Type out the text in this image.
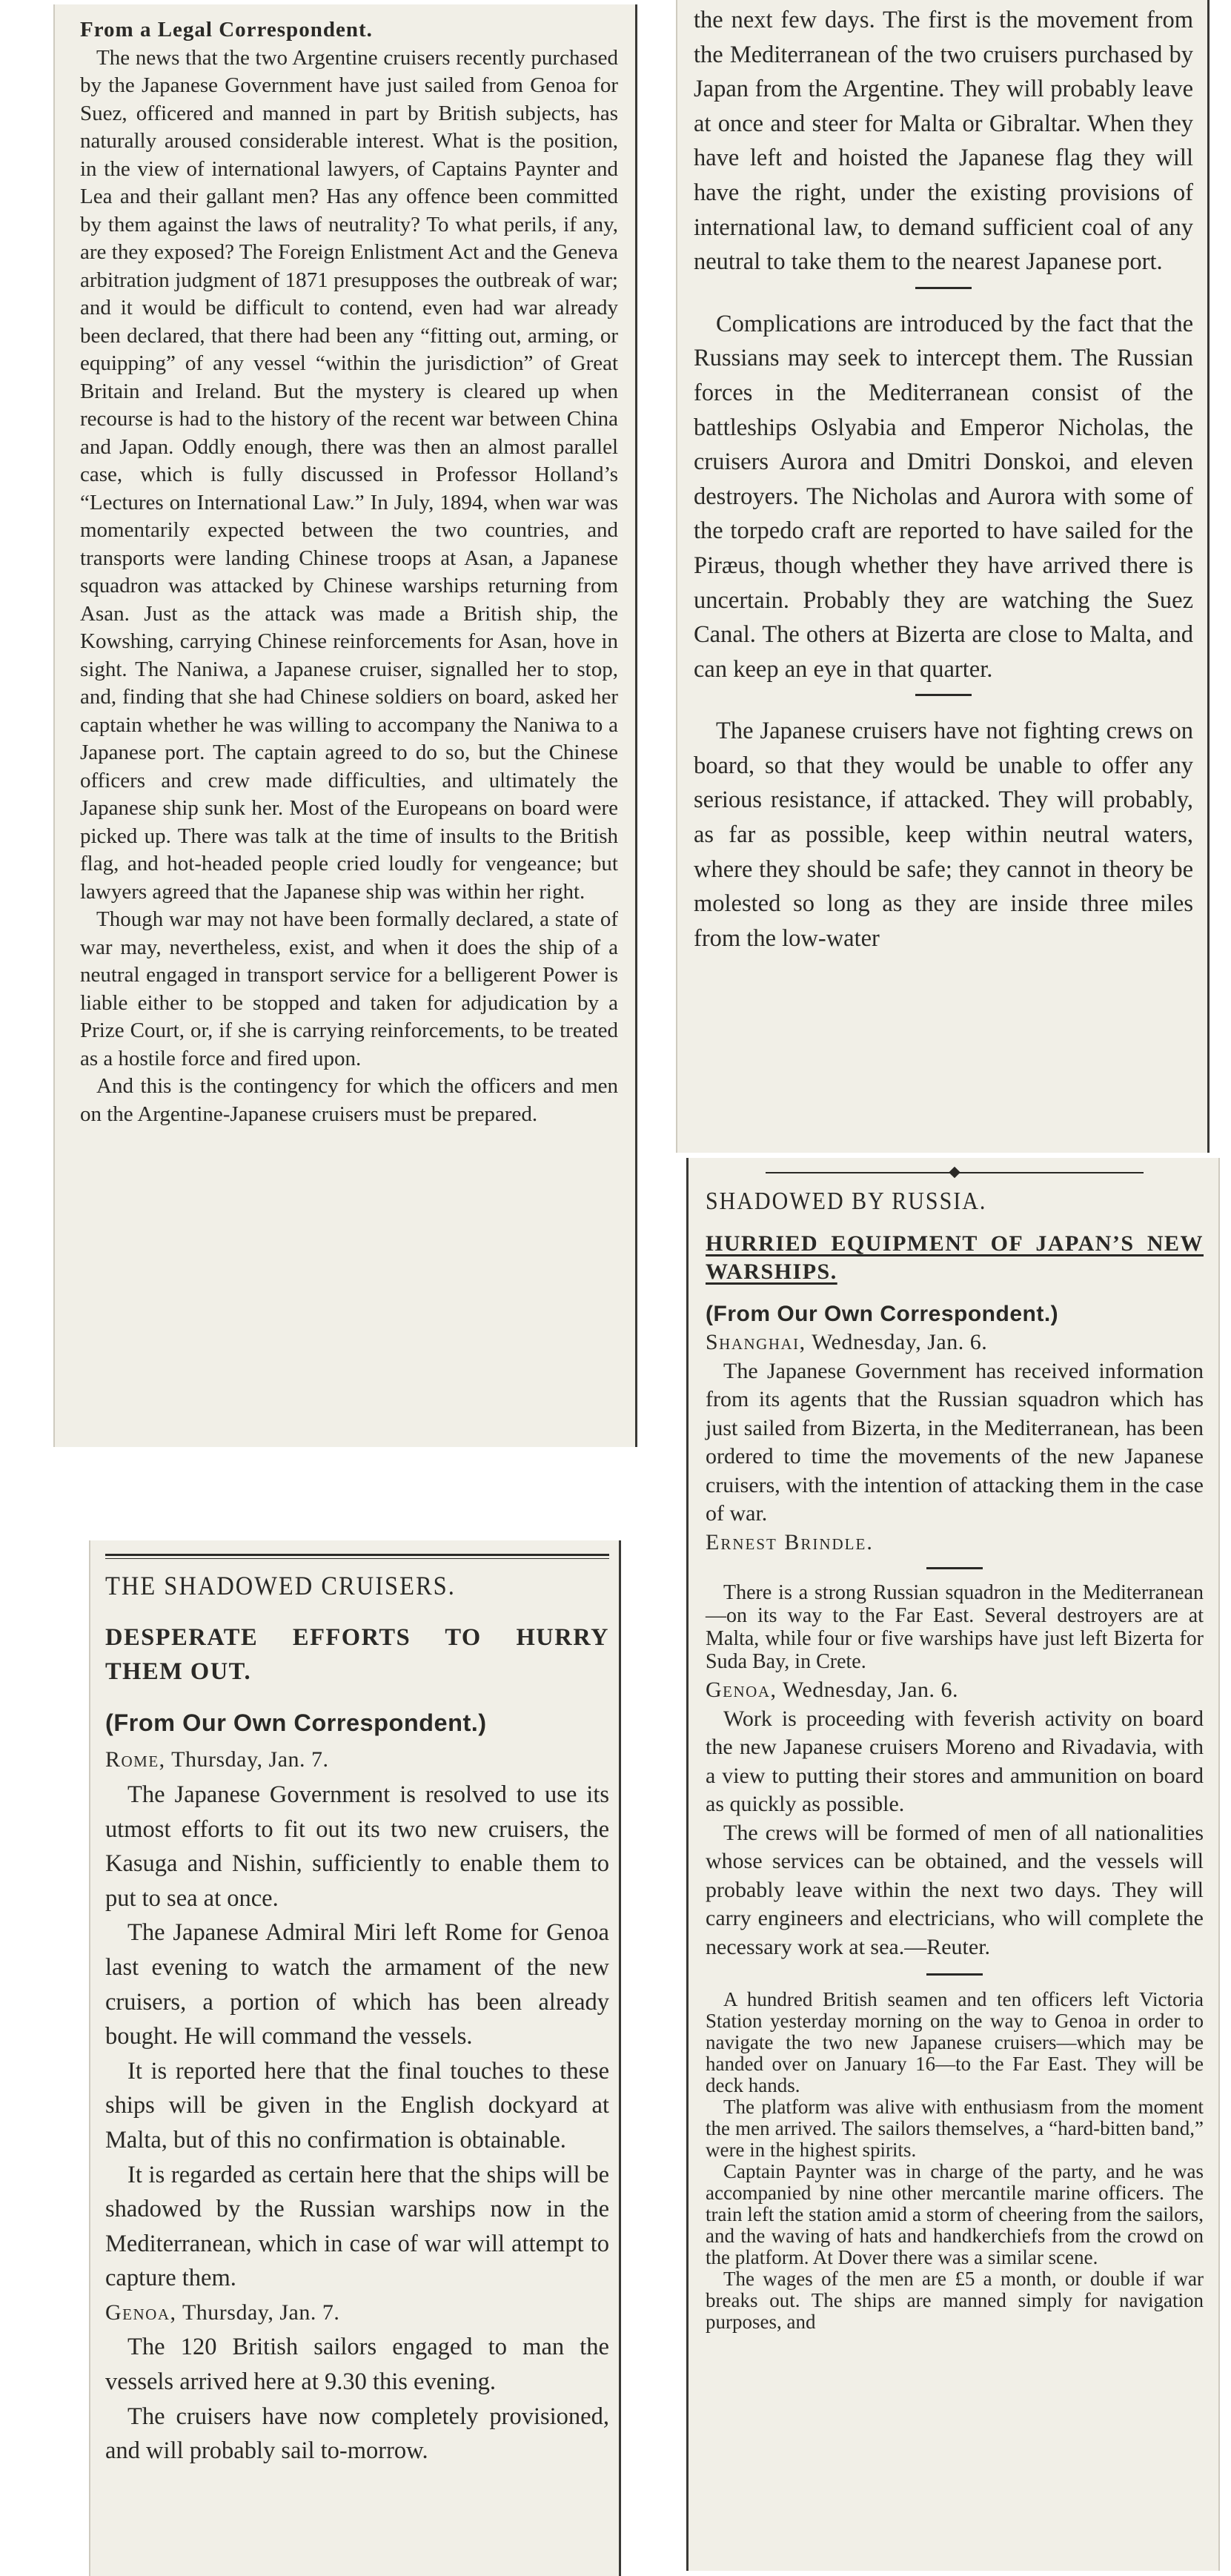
From a Legal Correspondent.

The news that the two Argentine cruisers recently purchased by the Japanese Government have just sailed from Genoa for Suez, officered and manned in part by British subjects, has naturally aroused considerable interest. What is the position, in the view of international lawyers, of Captains Paynter and Lea and their gallant men? Has any offence been committed by them against the laws of neutrality? To what perils, if any, are they exposed? The Foreign Enlistment Act and the Geneva arbitration judgment of 1871 presupposes the outbreak of war; and it would be difficult to contend, even had war already been declared, that there had been any “fitting out, arming, or equipping” of any vessel “within the jurisdiction” of Great Britain and Ireland. But the mystery is cleared up when recourse is had to the history of the recent war between China and Japan. Oddly enough, there was then an almost parallel case, which is fully discussed in Professor Holland’s “Lectures on International Law.” In July, 1894, when war was momentarily expected between the two countries, and transports were landing Chinese troops at Asan, a Japanese squadron was attacked by Chinese warships returning from Asan. Just as the attack was made a British ship, the Kowshing, carrying Chinese reinforcements for Asan, hove in sight. The Naniwa, a Japanese cruiser, signalled her to stop, and, finding that she had Chinese soldiers on board, asked her captain whether he was willing to accompany the Naniwa to a Japanese port. The captain agreed to do so, but the Chinese officers and crew made difficulties, and ultimately the Japanese ship sunk her. Most of the Europeans on board were picked up. There was talk at the time of insults to the British flag, and hot-headed people cried loudly for vengeance; but lawyers agreed that the Japanese ship was within her right.

Though war may not have been formally declared, a state of war may, nevertheless, exist, and when it does the ship of a neutral engaged in transport service for a belligerent Power is liable either to be stopped and taken for adjudication by a Prize Court, or, if she is carrying reinforcements, to be treated as a hostile force and fired upon.

And this is the contingency for which the officers and men on the Argentine-Japanese cruisers must be prepared.

the next few days. The first is the movement from the Mediterranean of the two cruisers purchased by Japan from the Argentine. They will probably leave at once and steer for Malta or Gibraltar. When they have left and hoisted the Japanese flag they will have the right, under the existing provisions of international law, to demand sufficient coal of any neutral to take them to the nearest Japanese port.

Complications are introduced by the fact that the Russians may seek to intercept them. The Russian forces in the Mediterranean consist of the battleships Oslyabia and Emperor Nicholas, the cruisers Aurora and Dmitri Donskoi, and eleven destroyers. The Nicholas and Aurora with some of the torpedo craft are reported to have sailed for the Piræus, though whether they have arrived there is uncertain. Probably they are watching the Suez Canal. The others at Bizerta are close to Malta, and can keep an eye in that quarter.

The Japanese cruisers have not fighting crews on board, so that they would be unable to offer any serious resistance, if attacked. They will probably, as far as possible, keep within neutral waters, where they should be safe; they cannot in theory be molested so long as they are inside three miles from the low-water

SHADOWED BY RUSSIA.

HURRIED EQUIPMENT OF JAPAN’S NEW WARSHIPS.

(From Our Own Correspondent.)

Shanghai, Wednesday, Jan. 6.

The Japanese Government has received information from its agents that the Russian squadron which has just sailed from Bizerta, in the Mediterranean, has been ordered to time the movements of the new Japanese cruisers, with the intention of attacking them in the case of war.

Ernest Brindle.

There is a strong Russian squadron in the Mediterranean—on its way to the Far East. Several destroyers are at Malta, while four or five warships have just left Bizerta for Suda Bay, in Crete.

Genoa, Wednesday, Jan. 6.

Work is proceeding with feverish activity on board the new Japanese cruisers Moreno and Rivadavia, with a view to putting their stores and ammunition on board as quickly as possible.

The crews will be formed of men of all nationalities whose services can be obtained, and the vessels will probably leave within the next two days. They will carry engineers and electricians, who will complete the necessary work at sea.—Reuter.

A hundred British seamen and ten officers left Victoria Station yesterday morning on the way to Genoa in order to navigate the two new Japanese cruisers—which may be handed over on January 16—to the Far East. They will be deck hands.

The platform was alive with enthusiasm from the moment the men arrived. The sailors themselves, a “hard-bitten band,” were in the highest spirits.

Captain Paynter was in charge of the party, and he was accompanied by nine other mercantile marine officers. The train left the station amid a storm of cheering from the sailors, and the waving of hats and handkerchiefs from the crowd on the platform. At Dover there was a similar scene.

The wages of the men are £5 a month, or double if war breaks out. The ships are manned simply for navigation purposes, and

THE SHADOWED CRUISERS.

DESPERATE EFFORTS TO HURRY THEM OUT.

(From Our Own Correspondent.)

Rome, Thursday, Jan. 7.

The Japanese Government is resolved to use its utmost efforts to fit out its two new cruisers, the Kasuga and Nishin, sufficiently to enable them to put to sea at once.

The Japanese Admiral Miri left Rome for Genoa last evening to watch the armament of the new cruisers, a portion of which has been already bought. He will command the vessels.

It is reported here that the final touches to these ships will be given in the English dockyard at Malta, but of this no confirmation is obtainable.

It is regarded as certain here that the ships will be shadowed by the Russian warships now in the Mediterranean, which in case of war will attempt to capture them.

Genoa, Thursday, Jan. 7.

The 120 British sailors engaged to man the vessels arrived here at 9.30 this evening.

The cruisers have now completely provisioned, and will probably sail to-morrow.
